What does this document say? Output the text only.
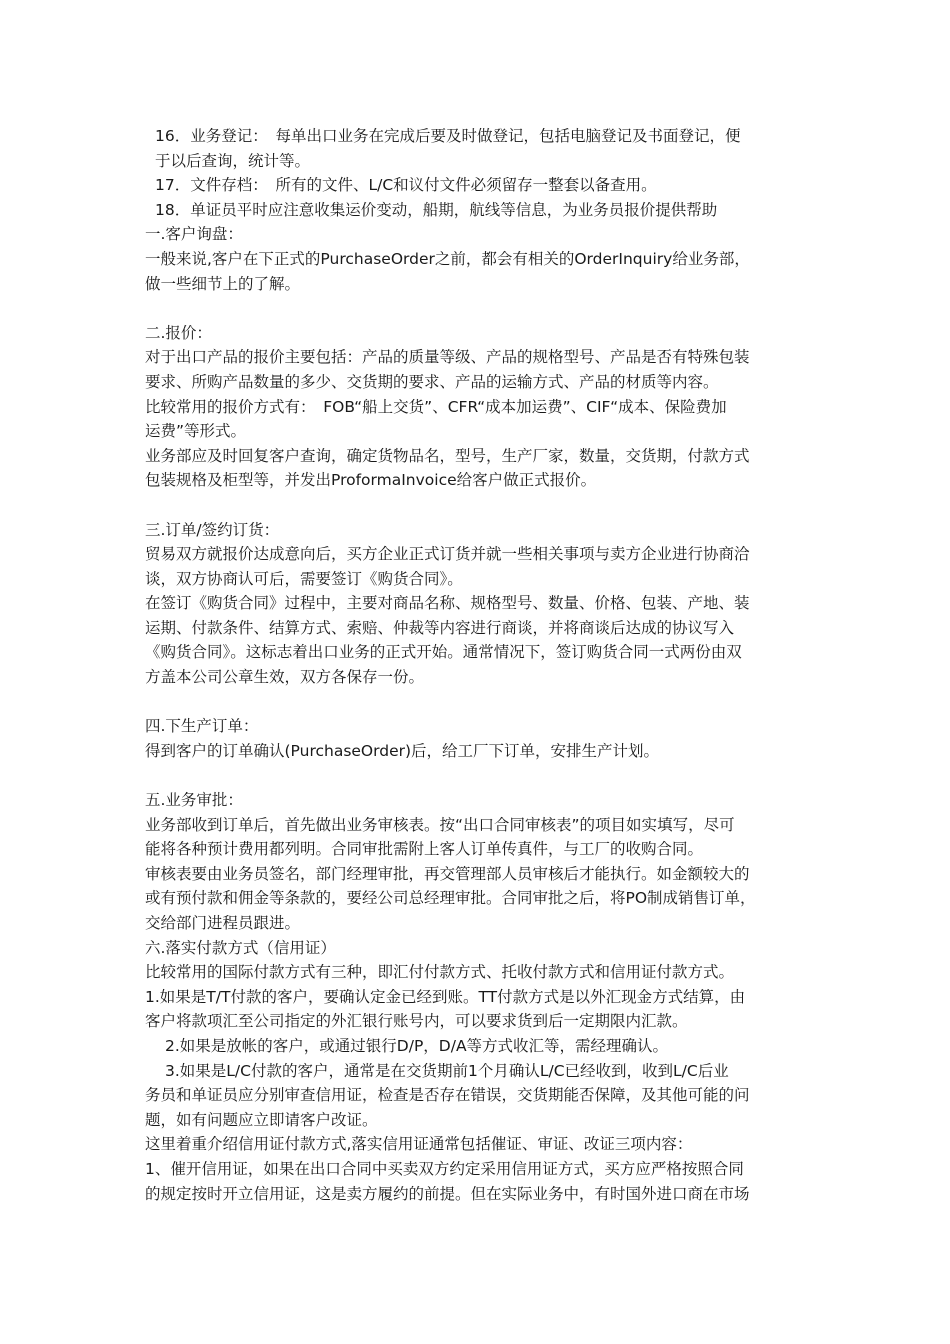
16．业务登记：　每单出口业务在完成后要及时做登记，包括电脑登记及书面登记，便
于以后查询，统计等。
17．文件存档：　所有的文件、L/C和议付文件必须留存一整套以备查用。
18．单证员平时应注意收集运价变动，船期，航线等信息，为业务员报价提供帮助
一.客户询盘：
一般来说,客户在下正式的PurchaseOrder之前，都会有相关的OrderInquiry给业务部，
做一些细节上的了解。
二.报价：
对于出口产品的报价主要包括：产品的质量等级、产品的规格型号、产品是否有特殊包装
要求、所购产品数量的多少、交货期的要求、产品的运输方式、产品的材质等内容。
比较常用的报价方式有：　FOB“船上交货”、CFR“成本加运费”、CIF“成本、保险费加
运费”等形式。
业务部应及时回复客户查询，确定货物品名，型号，生产厂家，数量，交货期，付款方式
包装规格及柜型等，并发出ProformaInvoice给客户做正式报价。
三.订单/签约订货：
贸易双方就报价达成意向后，买方企业正式订货并就一些相关事项与卖方企业进行协商洽
谈，双方协商认可后，需要签订《购货合同》。
在签订《购货合同》过程中，主要对商品名称、规格型号、数量、价格、包装、产地、装
运期、付款条件、结算方式、索赔、仲裁等内容进行商谈，并将商谈后达成的协议写入
《购货合同》。这标志着出口业务的正式开始。通常情况下，签订购货合同一式两份由双
方盖本公司公章生效，双方各保存一份。
四.下生产订单：
得到客户的订单确认(PurchaseOrder)后，给工厂下订单，安排生产计划。
五.业务审批：
业务部收到订单后，首先做出业务审核表。按“出口合同审核表”的项目如实填写，尽可
能将各种预计费用都列明。合同审批需附上客人订单传真件，与工厂的收购合同。
审核表要由业务员签名，部门经理审批，再交管理部人员审核后才能执行。如金额较大的
或有预付款和佣金等条款的，要经公司总经理审批。合同审批之后，将PO制成销售订单，
交给部门进程员跟进。
六.落实付款方式（信用证）
比较常用的国际付款方式有三种，即汇付付款方式、托收付款方式和信用证付款方式。
1.如果是T/T付款的客户，要确认定金已经到账。TT付款方式是以外汇现金方式结算，由
客户将款项汇至公司指定的外汇银行账号内，可以要求货到后一定期限内汇款。
2.如果是放帐的客户，或通过银行D/P，D/A等方式收汇等，需经理确认。
3.如果是L/C付款的客户，通常是在交货期前1个月确认L/C已经收到，收到L/C后业
务员和单证员应分别审查信用证，检查是否存在错误，交货期能否保障，及其他可能的问
题，如有问题应立即请客户改证。
这里着重介绍信用证付款方式,落实信用证通常包括催证、审证、改证三项内容：
1、催开信用证，如果在出口合同中买卖双方约定采用信用证方式，买方应严格按照合同
的规定按时开立信用证，这是卖方履约的前提。但在实际业务中，有时国外进口商在市场
